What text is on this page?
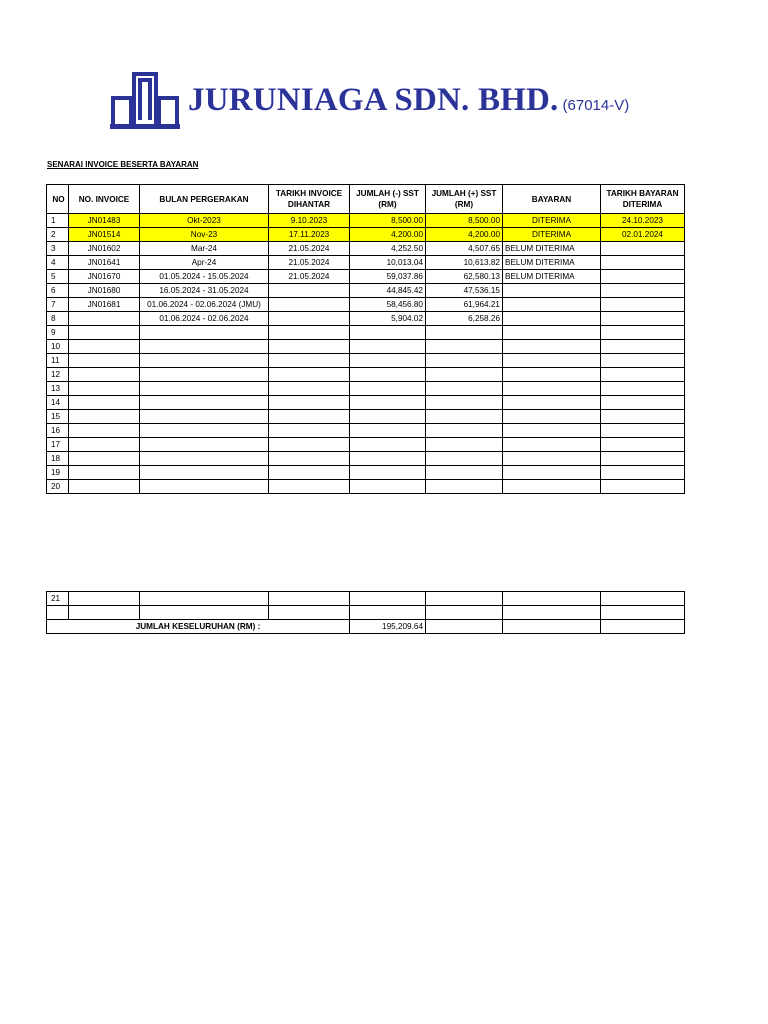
JURUNIAGA SDN. BHD. (67014-V)
SENARAI INVOICE BESERTA BAYARAN
NO	NO. INVOICE	BULAN PERGERAKAN	TARIKH INVOICE DIHANTAR	JUMLAH (-) SST (RM)	JUMLAH (+) SST (RM)	BAYARAN	TARIKH BAYARAN DITERIMA
1	JN01483	Okt-2023	9.10.2023	8,500.00	8,500.00	DITERIMA	24.10.2023
2	JN01514	Nov-23	17.11.2023	4,200.00	4,200.00	DITERIMA	02.01.2024
3	JN01602	Mar-24	21.05.2024	4,252.50	4,507.65	BELUM DITERIMA	
4	JN01641	Apr-24	21.05.2024	10,013.04	10,613.82	BELUM DITERIMA	
5	JN01670	01.05.2024 - 15.05.2024	21.05.2024	59,037.86	62,580.13	BELUM DITERIMA	
6	JN01680	16.05.2024 - 31.05.2024		44,845.42	47,536.15		
7	JN01681	01.06.2024 - 02.06.2024 (JMU)		58,456.80	61,964.21		
8		01.06.2024 - 02.06.2024		5,904.02	6,258.26		
9							
10							
11							
12							
13							
14							
15							
16							
17							
18							
19							
20							
21							

JUMLAH KESELURUHAN (RM) :				195,209.64			
